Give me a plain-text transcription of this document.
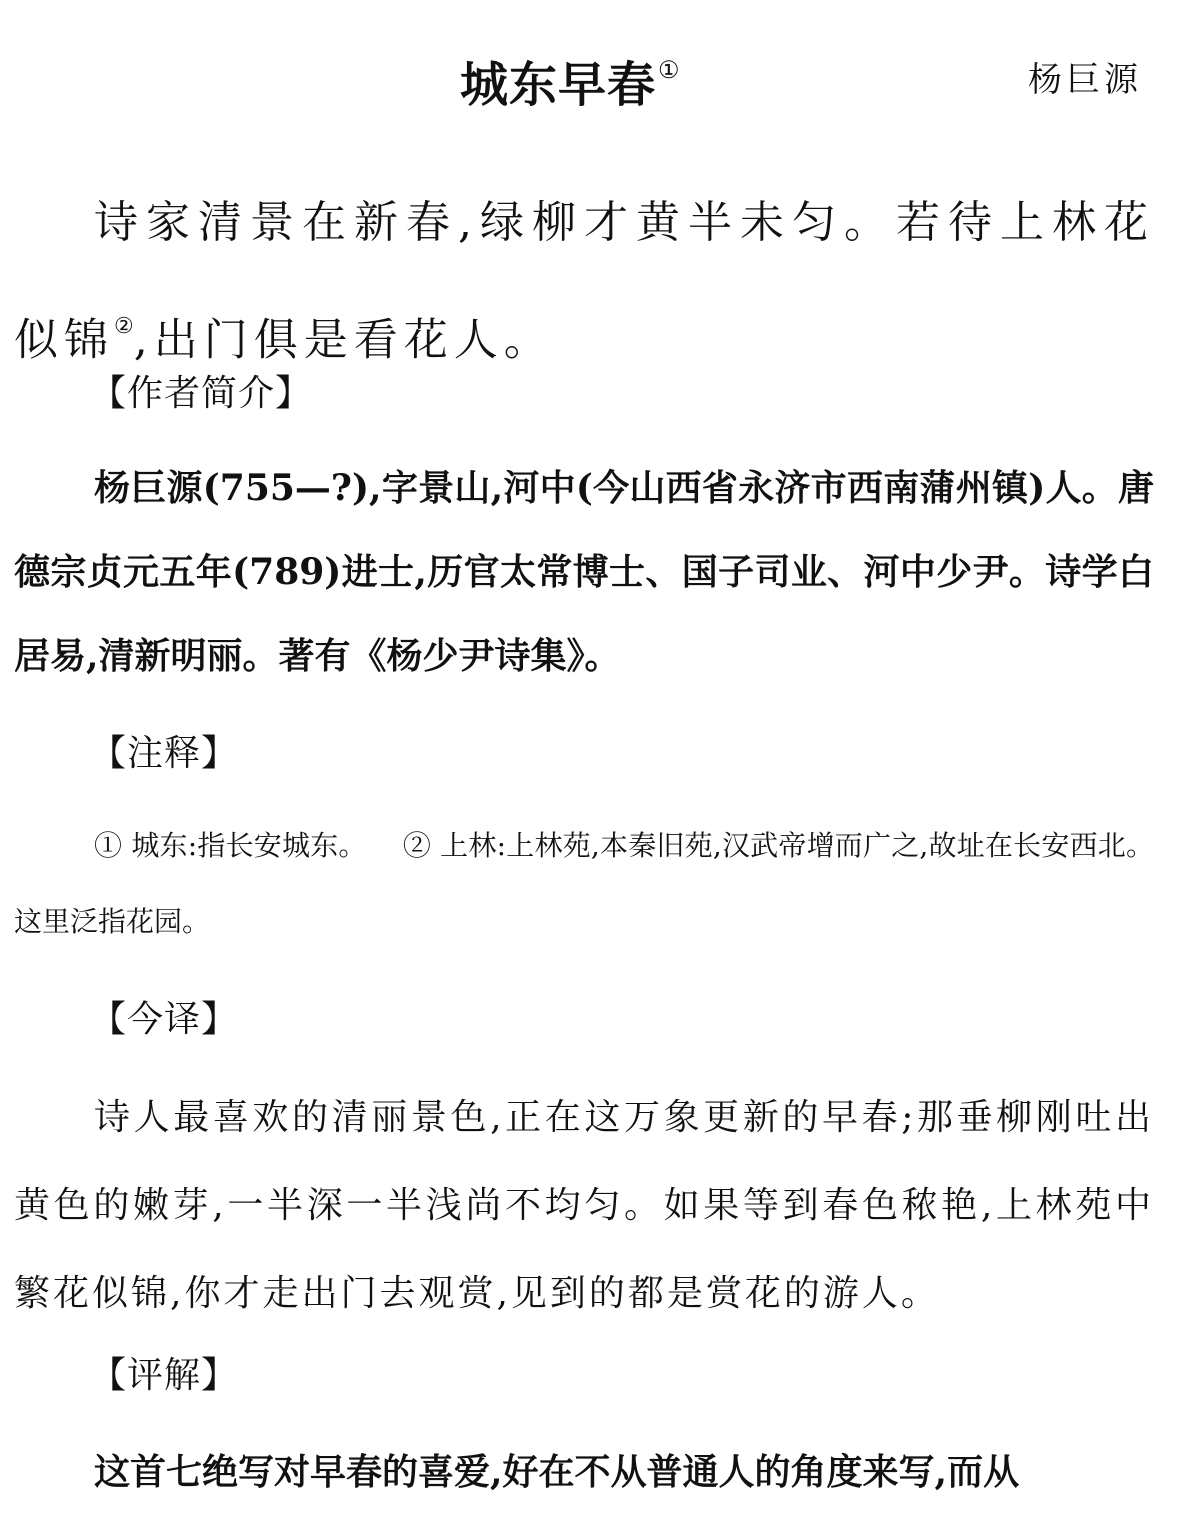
城东早春①	杨巨源
诗家清景在新春,绿柳才黄半未匀。若待上林花似锦②,出门俱是看花人。
【作者简介】
杨巨源(755—?),字景山,河中(今山西省永济市西南蒲州镇)人。唐德宗贞元五年(789)进士,历官太常博士、国子司业、河中少尹。诗学白居易,清新明丽。著有《杨少尹诗集》。
【注释】
① 城东:指长安城东。 ② 上林:上林苑,本秦旧苑,汉武帝增而广之,故址在长安西北。这里泛指花园。
【今译】
诗人最喜欢的清丽景色,正在这万象更新的早春;那垂柳刚吐出黄色的嫩芽,一半深一半浅尚不均匀。如果等到春色秾艳,上林苑中繁花似锦,你才走出门去观赏,见到的都是赏花的游人。
【评解】
这首七绝写对早春的喜爱,好在不从普通人的角度来写,而从
